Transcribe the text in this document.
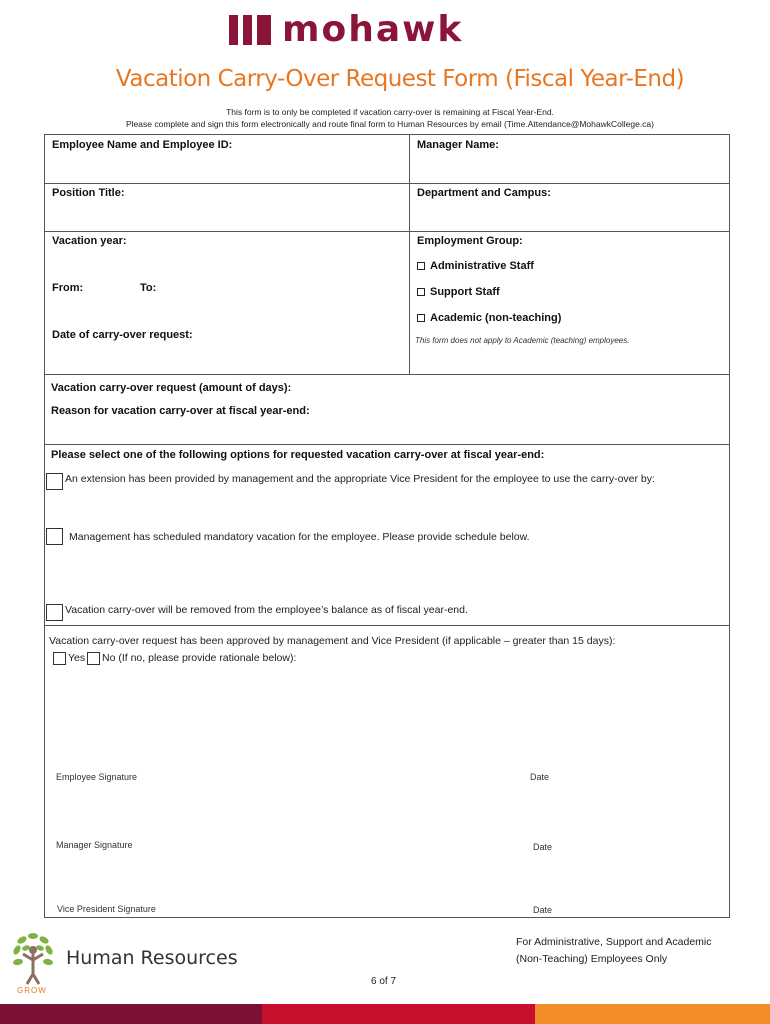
mohawk
Vacation Carry-Over Request Form (Fiscal Year-End)
This form is to only be completed if vacation carry-over is remaining at Fiscal Year-End.
Please complete and sign this form electronically and route final form to Human Resources by email (Time.Attendance@MohawkCollege.ca)
Employee Name and Employee ID:	Manager Name:
Position Title:	Department and Campus:
Vacation year:
From:	To:
Date of carry-over request:
Employment Group:
Administrative Staff
Support Staff
Academic (non-teaching)
This form does not apply to Academic (teaching) employees.
Vacation carry-over request (amount of days):
Reason for vacation carry-over at fiscal year-end:
Please select one of the following options for requested vacation carry-over at fiscal year-end:
An extension has been provided by management and the appropriate Vice President for the employee to use the carry-over by:
Management has scheduled mandatory vacation for the employee. Please provide schedule below.
Vacation carry-over will be removed from the employee’s balance as of fiscal year-end.
Vacation carry-over request has been approved by management and Vice President (if applicable – greater than 15 days):
Yes No (If no, please provide rationale below):
Employee Signature	Date
Manager Signature	Date
Vice President Signature	Date
GROW
Human Resources
For Administrative, Support and Academic
(Non-Teaching) Employees Only
6 of 7
